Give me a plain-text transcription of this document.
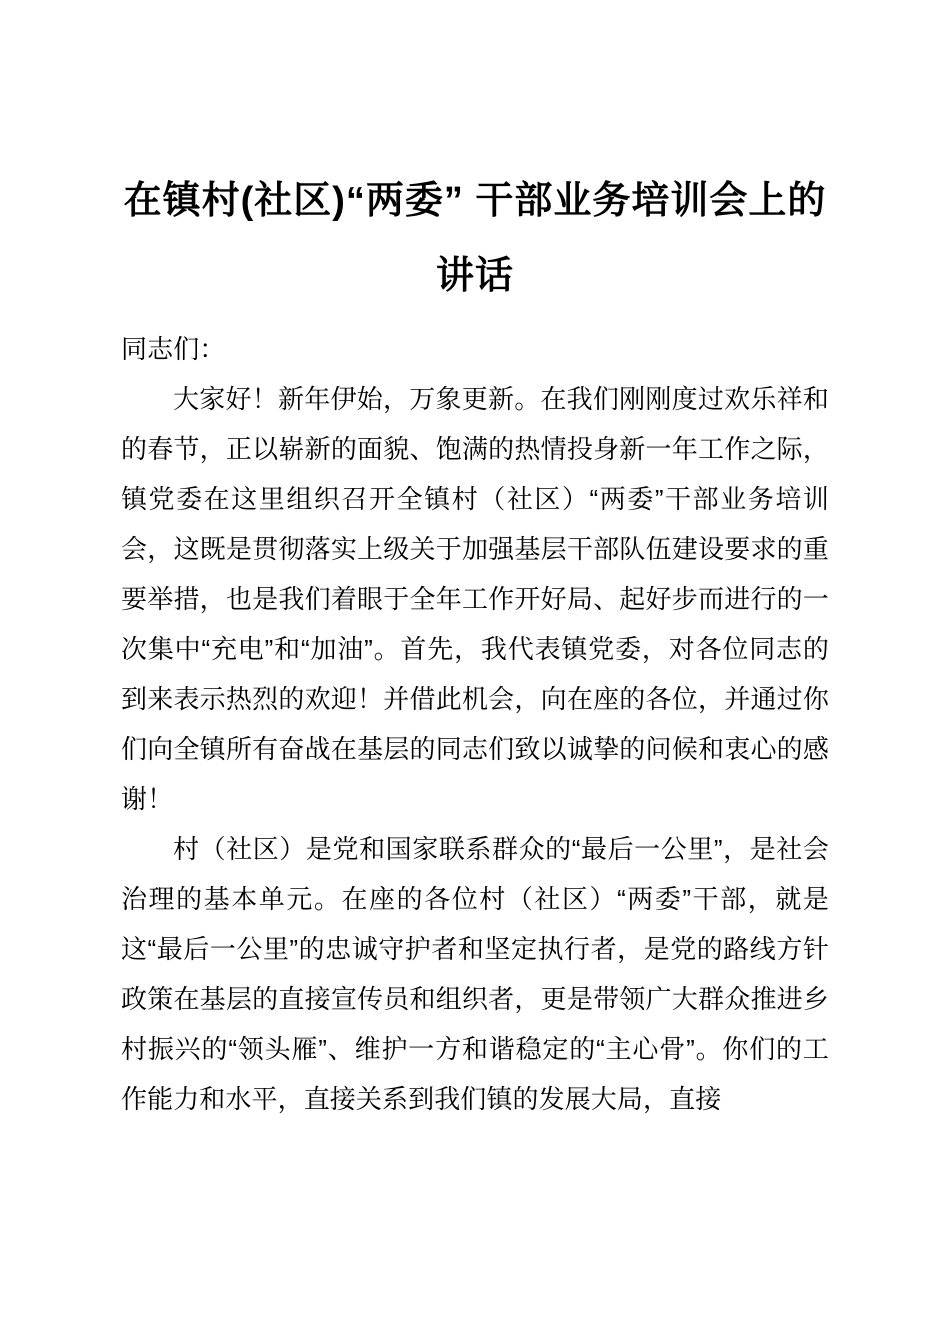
在镇村(社区)“两委” 干部业务培训会上的
讲话

同志们：

大家好！新年伊始，万象更新。在我们刚刚度过欢乐祥和的春节，正以崭新的面貌、饱满的热情投身新一年工作之际，镇党委在这里组织召开全镇村（社区）“两委”干部业务培训会，这既是贯彻落实上级关于加强基层干部队伍建设要求的重要举措，也是我们着眼于全年工作开好局、起好步而进行的一次集中“充电”和“加油”。首先，我代表镇党委，对各位同志的到来表示热烈的欢迎！并借此机会，向在座的各位，并通过你们向全镇所有奋战在基层的同志们致以诚挚的问候和衷心的感谢！

村（社区）是党和国家联系群众的“最后一公里”，是社会治理的基本单元。在座的各位村（社区）“两委”干部，就是这“最后一公里”的忠诚守护者和坚定执行者，是党的路线方针政策在基层的直接宣传员和组织者，更是带领广大群众推进乡村振兴的“领头雁”、维护一方和谐稳定的“主心骨”。你们的工作能力和水平，直接关系到我们镇的发展大局，直接
